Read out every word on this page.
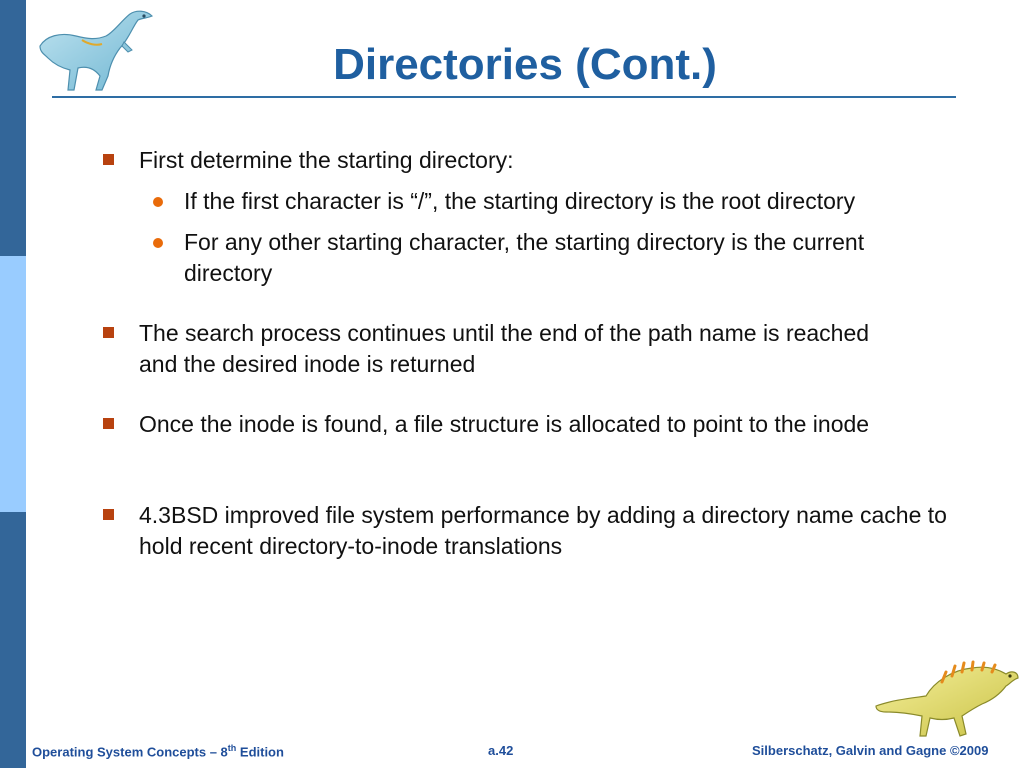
Directories (Cont.)
First determine the starting directory:
If the first character is “/”, the starting directory is the root directory
For any other starting character, the starting directory is the current directory
The search process continues until the end of the path name is reached and the desired inode is returned
Once the inode is found, a file structure is allocated to point to the inode
4.3BSD improved file system performance by adding a directory name cache to hold recent directory-to-inode translations
Operating System Concepts – 8th Edition	a.42	Silberschatz, Galvin and Gagne ©2009
